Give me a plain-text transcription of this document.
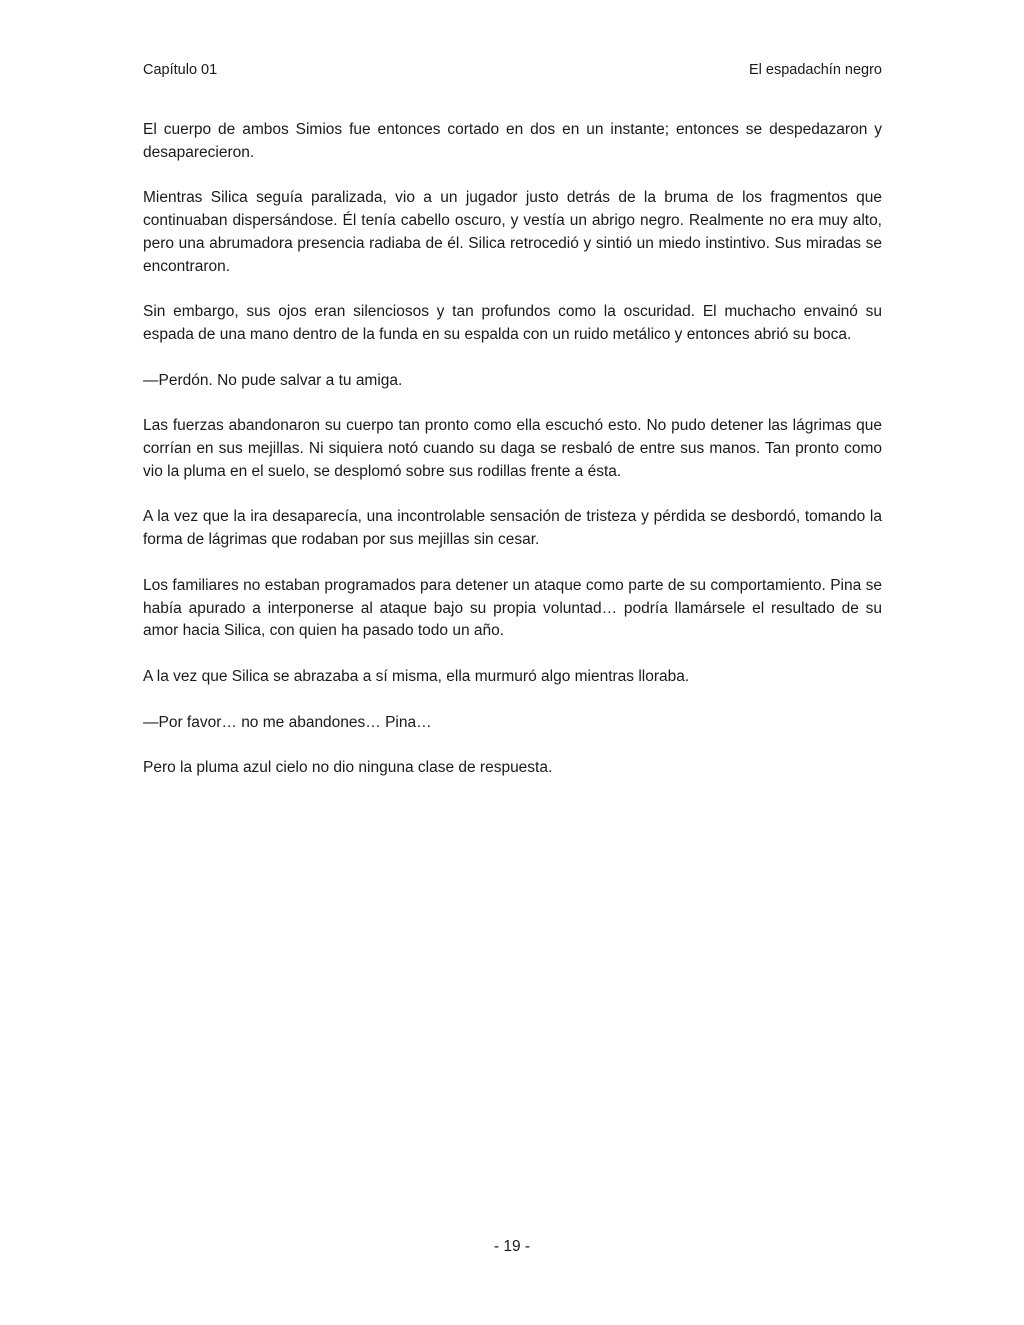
Capítulo 01	El espadachín negro

El cuerpo de ambos Simios fue entonces cortado en dos en un instante; entonces se despedazaron y desaparecieron.

Mientras Silica seguía paralizada, vio a un jugador justo detrás de la bruma de los fragmentos que continuaban dispersándose. Él tenía cabello oscuro, y vestía un abrigo negro. Realmente no era muy alto, pero una abrumadora presencia radiaba de él. Silica retrocedió y sintió un miedo instintivo. Sus miradas se encontraron.

Sin embargo, sus ojos eran silenciosos y tan profundos como la oscuridad. El muchacho envainó su espada de una mano dentro de la funda en su espalda con un ruido metálico y entonces abrió su boca.

—Perdón. No pude salvar a tu amiga.

Las fuerzas abandonaron su cuerpo tan pronto como ella escuchó esto. No pudo detener las lágrimas que corrían en sus mejillas. Ni siquiera notó cuando su daga se resbaló de entre sus manos. Tan pronto como vio la pluma en el suelo, se desplomó sobre sus rodillas frente a ésta.

A la vez que la ira desaparecía, una incontrolable sensación de tristeza y pérdida se desbordó, tomando la forma de lágrimas que rodaban por sus mejillas sin cesar.

Los familiares no estaban programados para detener un ataque como parte de su comportamiento. Pina se había apurado a interponerse al ataque bajo su propia voluntad… podría llamársele el resultado de su amor hacia Silica, con quien ha pasado todo un año.

A la vez que Silica se abrazaba a sí misma, ella murmuró algo mientras lloraba.

—Por favor… no me abandones… Pina…

Pero la pluma azul cielo no dio ninguna clase de respuesta.

- 19 -
